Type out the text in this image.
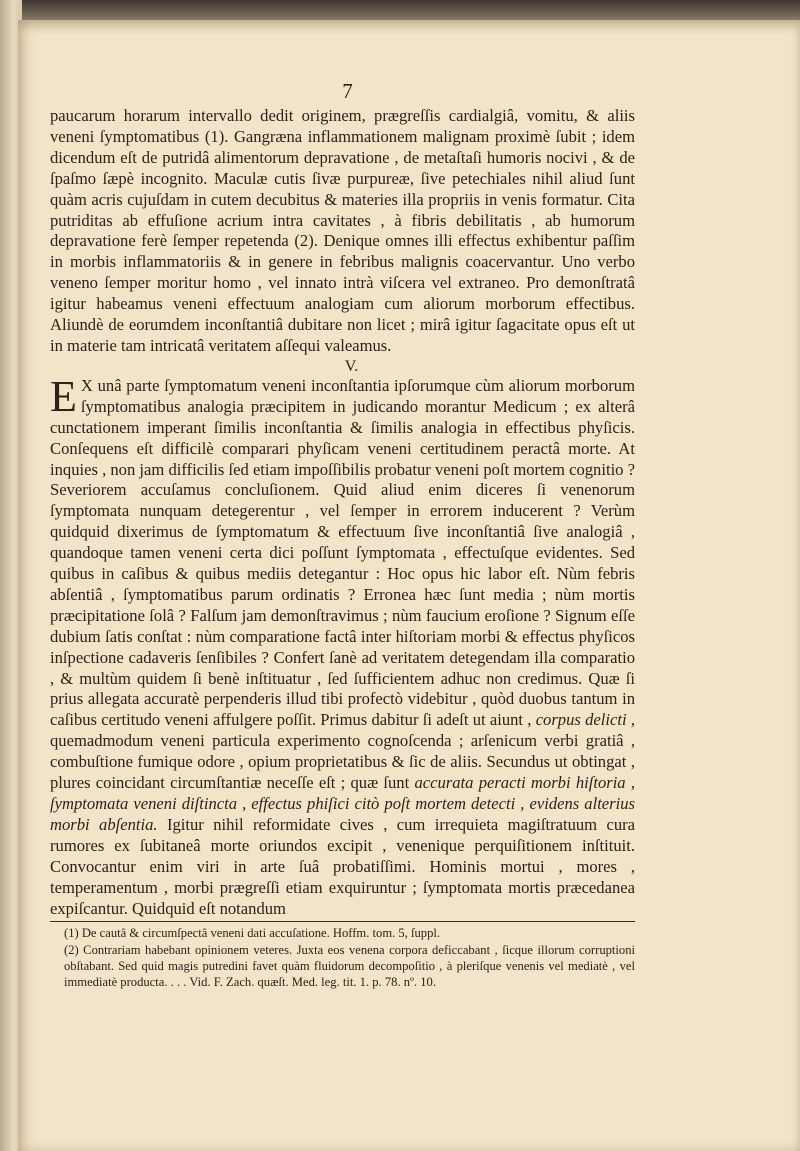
7

paucarum horarum intervallo dedit originem, prægreſſis cardialgiâ, vomitu, & aliis veneni ſymptomatibus (1). Gangræna inflammationem malignam proximè ſubit ; idem dicendum eſt de putridâ alimentorum depravatione , de metaſtaſi humoris nocivi , & de ſpaſmo ſæpè incognito. Maculæ cutis ſivæ purpureæ, ſive petechiales nihil aliud ſunt quàm acris cujuſdam in cutem decubitus & materies illa propriis in venis formatur. Cita putriditas ab effuſione acrium intra cavitates , à fibris debilitatis , ab humorum depravatione ferè ſemper repetenda (2). Denique omnes illi effectus exhibentur paſſim in morbis inflammatoriis & in genere in febribus malignis coacervantur. Uno verbo veneno ſemper moritur homo , vel innato intrà viſcera vel extraneo. Pro demonſtratâ igitur habeamus veneni effectuum analogiam cum aliorum morborum effectibus. Aliundè de eorumdem inconſtantiâ dubitare non licet ; mirâ igitur ſagacitate opus eſt ut in materie tam intricatâ veritatem aſſequi valeamus.

V.

E X unâ parte ſymptomatum veneni inconſtantia ipſorumque cùm aliorum morborum ſymptomatibus analogia præcipitem in judicando morantur Medicum ; ex alterâ cunctationem imperant ſimilis inconſtantia & ſimilis analogia in effectibus phyſicis. Conſequens eſt difficilè comparari phyſicam veneni certitudinem peractâ morte. At inquies , non jam difficilis ſed etiam impoſſibilis probatur veneni poſt mortem cognitio ? Severiorem accuſamus concluſionem. Quid aliud enim diceres ſi venenorum ſymptomata nunquam detegerentur , vel ſemper in errorem inducerent ? Verùm quidquid dixerimus de ſymptomatum & effectuum ſive inconſtantiâ ſive analogiâ , quandoque tamen veneni certa dici poſſunt ſymptomata , effectuſque evidentes. Sed quibus in caſibus & quibus mediis detegantur : Hoc opus hic labor eſt. Nùm febris abſentiâ , ſymptomatibus parum ordinatis ? Erronea hæc ſunt media ; nùm mortis præcipitatione ſolâ ? Falſum jam demonſtravimus ; nùm faucium eroſione ? Signum eſſe dubium ſatis conſtat : nùm comparatione factâ inter hiſtoriam morbi & effectus phyſicos inſpectione cadaveris ſenſibiles ? Confert ſanè ad veritatem detegendam illa comparatio , & multùm quidem ſi benè inſtituatur , ſed ſufficientem adhuc non credimus. Quæ ſi prius allegata accuratè perpenderis illud tibi profectò videbitur , quòd duobus tantum in caſibus certitudo veneni affulgere poſſit. Primus dabitur ſi adeſt ut aiunt , corpus delicti , quemadmodum veneni particula experimento cognoſcenda ; arſenicum verbi gratiâ , combuſtione fumique odore , opium proprietatibus & ſic de aliis. Secundus ut obtingat , plures coincidant circumſtantiæ neceſſe eſt ; quæ ſunt accurata peracti morbi hiſtoria , ſymptomata veneni diſtincta , effectus phiſici citò poſt mortem detecti , evidens alterius morbi abſentia. Igitur nihil reformidate cives , cum irrequieta magiſtratuum cura rumores ex ſubitaneâ morte oriundos excipit , venenique perquiſitionem inſtituit. Convocantur enim viri in arte ſuâ probatiſſimi. Hominis mortui , mores , temperamentum , morbi prægreſſi etiam exquiruntur ; ſymptomata mortis præcedanea expiſcantur. Quidquid eſt notandum

(1) De cautâ & circumſpectâ veneni dati accuſatione. Hoffm. tom. 5, ſuppl.

(2) Contrariam habebant opinionem veteres. Juxta eos venena corpora deficcabant , ſicque illorum corruptioni obſtabant. Sed quid magis putredini favet quàm fluidorum decompoſitio , à pleriſque venenis vel mediatè , vel immediatè producta. . . . Vid. F. Zach. quæſt. Med. leg. tit. 1. p. 78. nº. 10.
